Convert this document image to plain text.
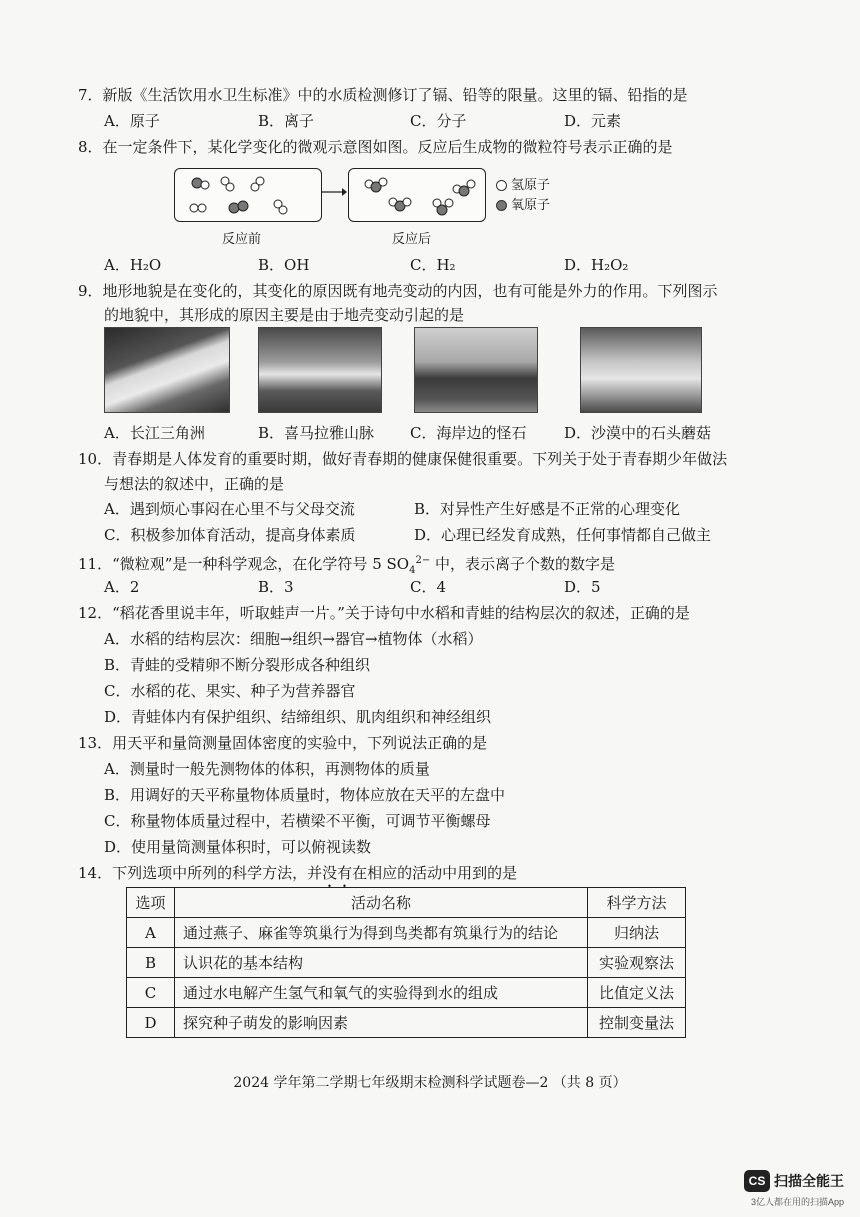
7．新版《生活饮用水卫生标准》中的水质检测修订了镉、铅等的限量。这里的镉、铅指的是
A．原子	B．离子	C．分子	D．元素
8．在一定条件下，某化学变化的微观示意图如图。反应后生成物的微粒符号表示正确的是
氢原子
氧原子
反应前	反应后
A．H₂O	B．OH	C．H₂	D．H₂O₂
9．地形地貌是在变化的，其变化的原因既有地壳变动的内因，也有可能是外力的作用。下列图示
的地貌中，其形成的原因主要是由于地壳变动引起的是
A．长江三角洲	B．喜马拉雅山脉 C．海岸边的怪石	D．沙漠中的石头蘑菇
10．青春期是人体发育的重要时期，做好青春期的健康保健很重要。下列关于处于青春期少年做法
与想法的叙述中，正确的是
A．遇到烦心事闷在心里不与父母交流	B．对异性产生好感是不正常的心理变化
C．积极参加体育活动，提高身体素质	D．心理已经发育成熟，任何事情都自己做主
11．“微粒观”是一种科学观念，在化学符号 5 $SO_4^{2-}$ 中，表示离子个数的数字是
A．2	B．3	C．4	D．5
12．“稻花香里说丰年，听取蛙声一片。”关于诗句中水稻和青蛙的结构层次的叙述，正确的是
A．水稻的结构层次：细胞→组织→器官→植物体（水稻）
B．青蛙的受精卵不断分裂形成各种组织
C．水稻的花、果实、种子为营养器官
D．青蛙体内有保护组织、结缔组织、肌肉组织和神经组织
13．用天平和量筒测量固体密度的实验中，下列说法正确的是
A．测量时一般先测物体的体积，再测物体的质量
B．用调好的天平称量物体质量时，物体应放在天平的左盘中
C．称量物体质量过程中，若横梁不平衡，可调节平衡螺母
D．使用量筒测量体积时，可以俯视读数
14．下列选项中所列的科学方法，并没有在相应的活动中用到的是
选项	活动名称	科学方法
A	通过燕子、麻雀等筑巢行为得到鸟类都有筑巢行为的结论	归纳法
B	认识花的基本结构	实验观察法
C	通过水电解产生氢气和氧气的实验得到水的组成	比值定义法
D	探究种子萌发的影响因素	控制变量法
2024 学年第二学期七年级期末检测科学试题卷—2 （共 8 页）
CS 扫描全能王
3亿人都在用的扫描App
